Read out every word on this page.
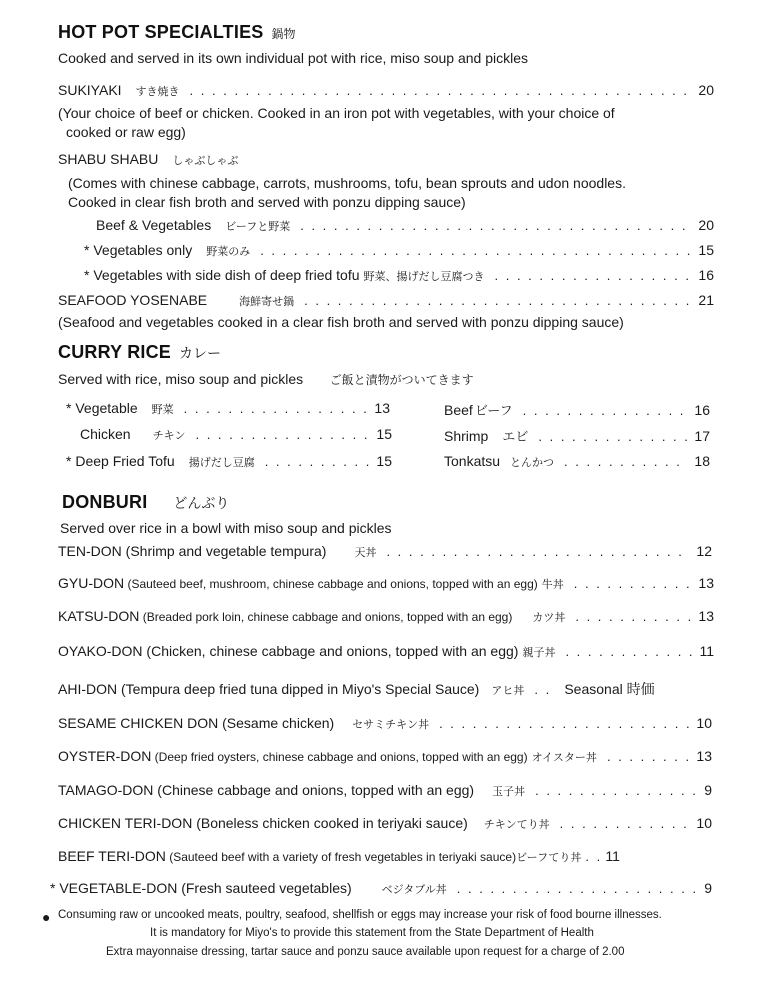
HOT POT SPECIALTIES 鍋物
Cooked and served in its own individual pot with rice, miso soup and pickles
SUKIYAKI すき焼き . . .	20
(Your choice of beef or chicken. Cooked in an iron pot with vegetables, with your choice of
cooked or raw egg)
SHABU SHABU しゃぶしゃぶ
(Comes with chinese cabbage, carrots, mushrooms, tofu, bean sprouts and udon noodles.
Cooked in clear fish broth and served with ponzu dipping sauce)
Beef & Vegetables ビーフと野菜 . . .	20
* Vegetables only 野菜のみ . . .	15
* Vegetables with side dish of deep fried tofu 野菜、揚げだし豆腐つき . . .	16
SEAFOOD YOSENABE	海鮮寄せ鍋 . . .	21
(Seafood and vegetables cooked in a clear fish broth and served with ponzu dipping sauce)
CURRY RICE カレー
Served with rice, miso soup and pickles ご飯と漬物がついてきます
* Vegetable 野菜 . . .	13
Chicken チキン . . .	15
* Deep Fried Tofu 揚げだし豆腐 . . .	15
Beef ビーフ . . .	16
Shrimp エビ . . .	17
Tonkatsu とんかつ . . .	18
DONBURI どんぶり
Served over rice in a bowl with miso soup and pickles
TEN-DON (Shrimp and vegetable tempura)	天丼 . . .	12
GYU-DON (Sauteed beef, mushroom, chinese cabbage and onions, topped with an egg) 牛丼 . . .	13
KATSU-DON (Breaded pork loin, chinese cabbage and onions, topped with an egg) カツ丼 . . .	13
OYAKO-DON (Chicken, chinese cabbage and onions, topped with an egg) 親子丼 . . .	11
AHI-DON (Tempura deep fried tuna dipped in Miyo's Special Sauce) アヒ丼 . . .	Seasonal 時価
SESAME CHICKEN DON (Sesame chicken) セサミチキン丼 . . .	10
OYSTER-DON (Deep fried oysters, chinese cabbage and onions, topped with an egg) オイスター丼 . . .	13
TAMAGO-DON (Chinese cabbage and onions, topped with an egg) 玉子丼 . . .	9
CHICKEN TERI-DON (Boneless chicken cooked in teriyaki sauce) チキンてり丼 . . .	10
BEEF TERI-DON (Sauteed beef with a variety of fresh vegetables in teriyaki sauce) ビーフてり丼 . . . 11
* VEGETABLE-DON (Fresh sauteed vegetables)	ベジタブル丼 . . .	9
● Consuming raw or uncooked meats, poultry, seafood, shellfish or eggs may increase your risk of food bourne illnesses.
It is mandatory for Miyo's to provide this statement from the State Department of Health
Extra mayonnaise dressing, tartar sauce and ponzu sauce available upon request for a charge of 2.00
